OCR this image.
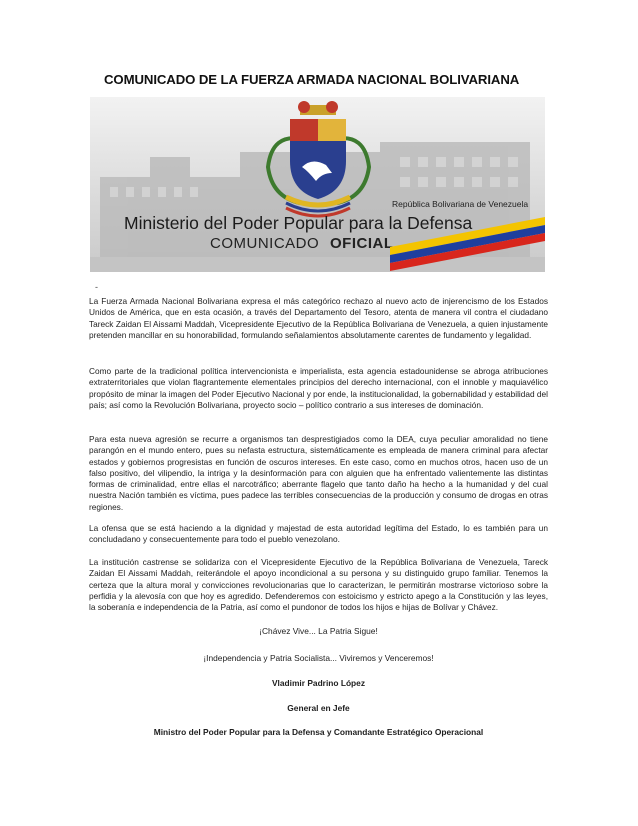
COMUNICADO DE LA FUERZA ARMADA NACIONAL BOLIVARIANA
República Bolivariana de Venezuela
Ministerio del Poder Popular para la Defensa
COMUNICADO OFICIAL
-
La Fuerza Armada Nacional Bolivariana expresa el más categórico rechazo al nuevo acto de injerencismo de los Estados Unidos de América, que en esta ocasión, a través del Departamento del Tesoro, atenta de manera vil contra el ciudadano Tareck Zaidan El Aissami Maddah, Vicepresidente Ejecutivo de la República Bolivariana de Venezuela, a quien injustamente pretenden mancillar en su honorabilidad, formulando señalamientos absolutamente carentes de fundamento y legalidad.
Como parte de la tradicional política intervencionista e imperialista, esta agencia estadounidense se abroga atribuciones extraterritoriales que violan flagrantemente elementales principios del derecho internacional, con el innoble y maquiavélico propósito de minar la imagen del Poder Ejecutivo Nacional y por ende, la institucionalidad, la gobernabilidad y estabilidad del país; así como la Revolución Bolivariana, proyecto socio – político contrario a sus intereses de dominación.
Para esta nueva agresión se recurre a organismos tan desprestigiados como la DEA, cuya peculiar amoralidad no tiene parangón en el mundo entero, pues su nefasta estructura, sistemáticamente es empleada de manera criminal para afectar estados y gobiernos progresistas en función de oscuros intereses. En este caso, como en muchos otros, hacen uso de un falso positivo, del vilipendio, la intriga y la desinformación para con alguien que ha enfrentado valientemente las distintas formas de criminalidad, entre ellas el narcotráfico; aberrante flagelo que tanto daño ha hecho a la humanidad y del cual nuestra Nación también es víctima, pues padece las terribles consecuencias de la producción y consumo de drogas en otras regiones.
La ofensa que se está haciendo a la dignidad y majestad de esta autoridad legítima del Estado, lo es también para un concludadano y consecuentemente para todo el pueblo venezolano.
La institución castrense se solidariza con el Vicepresidente Ejecutivo de la República Bolivariana de Venezuela, Tareck Zaidan El Aissami Maddah, reiterándole el apoyo incondicional a su persona y su distinguido grupo familiar. Tenemos la certeza que la altura moral y convicciones revolucionarias que lo caracterizan, le permitirán mostrarse victorioso sobre la perfidia y la alevosía con que hoy es agredido. Defenderemos con estoicismo y estricto apego a la Constitución y las leyes, la soberanía e independencia de la Patria, así como el pundonor de todos los hijos e hijas de Bolívar y Chávez.
¡Chávez Vive... La Patria Sigue!
¡Independencia y Patria Socialista... Viviremos y Venceremos!
Vladimir Padrino López
General en Jefe
Ministro del Poder Popular para la Defensa y Comandante Estratégico Operacional
